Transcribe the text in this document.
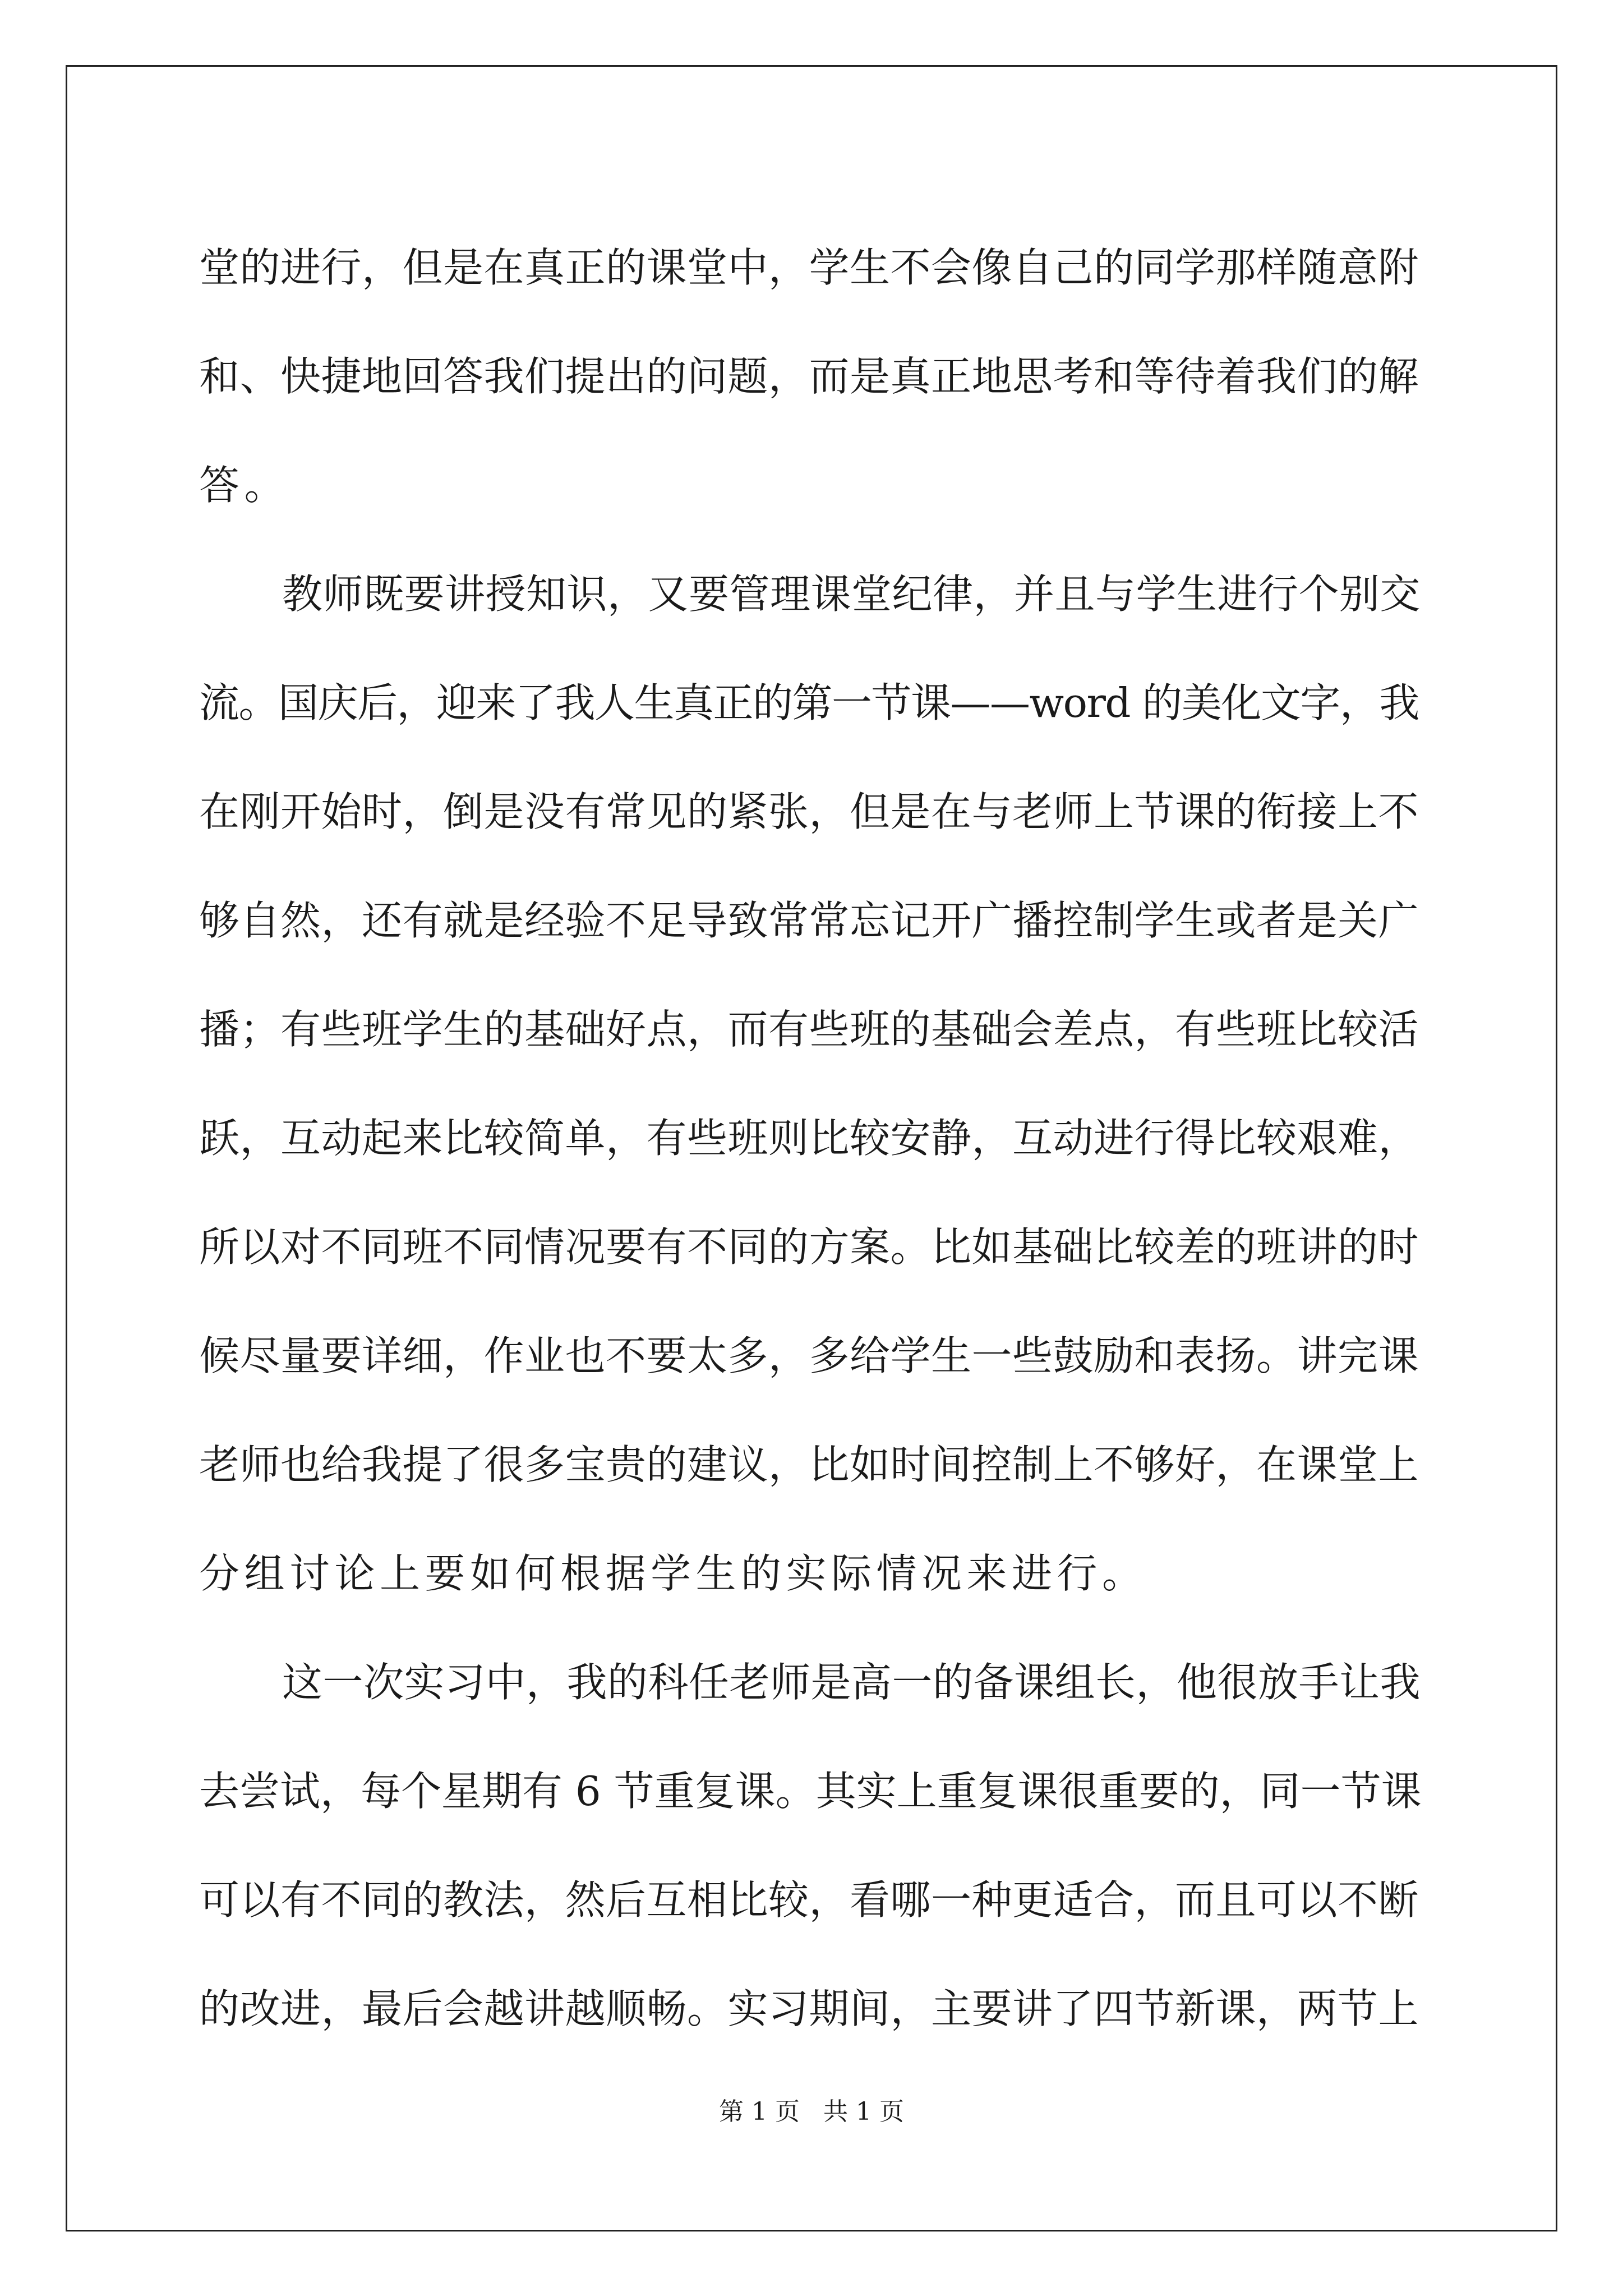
堂的进行，但是在真正的课堂中，学生不会像自己的同学那样随意附
和、快捷地回答我们提出的问题，而是真正地思考和等待着我们的解
答。
教师既要讲授知识，又要管理课堂纪律，并且与学生进行个别交
流。国庆后，迎来了我人生真正的第一节课——word 的美化文字，我
在刚开始时，倒是没有常见的紧张，但是在与老师上节课的衔接上不
够自然，还有就是经验不足导致常常忘记开广播控制学生或者是关广
播；有些班学生的基础好点，而有些班的基础会差点，有些班比较活
跃，互动起来比较简单，有些班则比较安静，互动进行得比较艰难，
所以对不同班不同情况要有不同的方案。比如基础比较差的班讲的时
候尽量要详细，作业也不要太多，多给学生一些鼓励和表扬。讲完课
老师也给我提了很多宝贵的建议，比如时间控制上不够好，在课堂上
分组讨论上要如何根据学生的实际情况来进行。
这一次实习中，我的科任老师是高一的备课组长，他很放手让我
去尝试，每个星期有 6 节重复课。其实上重复课很重要的，同一节课
可以有不同的教法，然后互相比较，看哪一种更适合，而且可以不断
的改进，最后会越讲越顺畅。实习期间，主要讲了四节新课，两节上
第 1 页   共 1 页
